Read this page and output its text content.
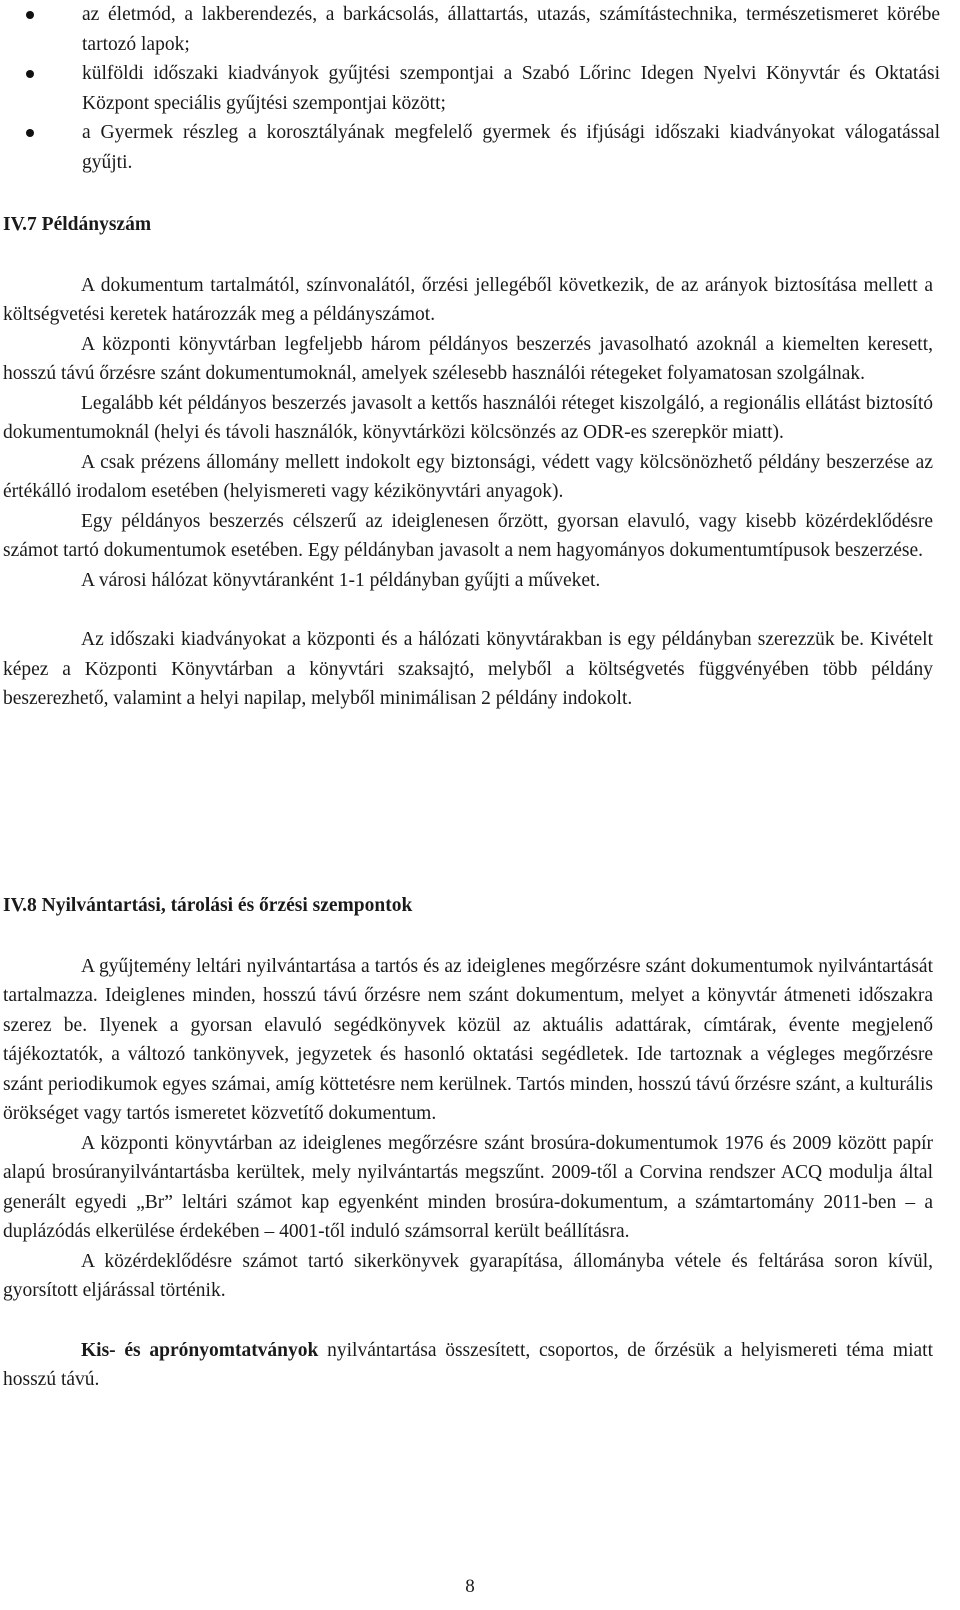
az életmód, a lakberendezés, a barkácsolás, állattartás, utazás, számítástechnika, természetismeret körébe tartozó lapok;
külföldi időszaki kiadványok gyűjtési szempontjai a Szabó Lőrinc Idegen Nyelvi Könyvtár és Oktatási Központ speciális gyűjtési szempontjai között;
a Gyermek részleg a korosztályának megfelelő gyermek és ifjúsági időszaki kiadványokat válogatással gyűjti.
IV.7 Példányszám

A dokumentum tartalmától, színvonalától, őrzési jellegéből következik, de az arányok biztosítása mellett a költségvetési keretek határozzák meg a példányszámot.

A központi könyvtárban legfeljebb három példányos beszerzés javasolható azoknál a kiemelten keresett, hosszú távú őrzésre szánt dokumentumoknál, amelyek szélesebb használói rétegeket folyamatosan szolgálnak.

Legalább két példányos beszerzés javasolt a kettős használói réteget kiszolgáló, a regionális ellátást biztosító dokumentumoknál (helyi és távoli használók, könyvtárközi kölcsönzés az ODR-es szerepkör miatt).

A csak prézens állomány mellett indokolt egy biztonsági, védett vagy kölcsönözhető példány beszerzése az értékálló irodalom esetében (helyismereti vagy kézikönyvtári anyagok).

Egy példányos beszerzés célszerű az ideiglenesen őrzött, gyorsan elavuló, vagy kisebb közérdeklődésre számot tartó dokumentumok esetében. Egy példányban javasolt a nem hagyományos dokumentumtípusok beszerzése.

A városi hálózat könyvtáranként 1-1 példányban gyűjti a műveket.

Az időszaki kiadványokat a központi és a hálózati könyvtárakban is egy példányban szerezzük be. Kivételt képez a Központi Könyvtárban a könyvtári szaksajtó, melyből a költségvetés függvényében több példány beszerezhető, valamint a helyi napilap, melyből minimálisan 2 példány indokolt.

IV.8 Nyilvántartási, tárolási és őrzési szempontok

A gyűjtemény leltári nyilvántartása a tartós és az ideiglenes megőrzésre szánt dokumentumok nyilvántartását tartalmazza. Ideiglenes minden, hosszú távú őrzésre nem szánt dokumentum, melyet a könyvtár átmeneti időszakra szerez be. Ilyenek a gyorsan elavuló segédkönyvek közül az aktuális adattárak, címtárak, évente megjelenő tájékoztatók, a változó tankönyvek, jegyzetek és hasonló oktatási segédletek. Ide tartoznak a végleges megőrzésre szánt periodikumok egyes számai, amíg köttetésre nem kerülnek. Tartós minden, hosszú távú őrzésre szánt, a kulturális örökséget vagy tartós ismeretet közvetítő dokumentum.

A központi könyvtárban az ideiglenes megőrzésre szánt brosúra-dokumentumok 1976 és 2009 között papír alapú brosúranyilvántartásba kerültek, mely nyilvántartás megszűnt. 2009-től a Corvina rendszer ACQ modulja által generált egyedi „Br” leltári számot kap egyenként minden brosúra-dokumentum, a számtartomány 2011-ben – a duplázódás elkerülése érdekében – 4001-től induló számsorral került beállításra.

A közérdeklődésre számot tartó sikerkönyvek gyarapítása, állományba vétele és feltárása soron kívül, gyorsított eljárással történik.

Kis- és aprónyomtatványok nyilvántartása összesített, csoportos, de őrzésük a helyismereti téma miatt hosszú távú.

8
